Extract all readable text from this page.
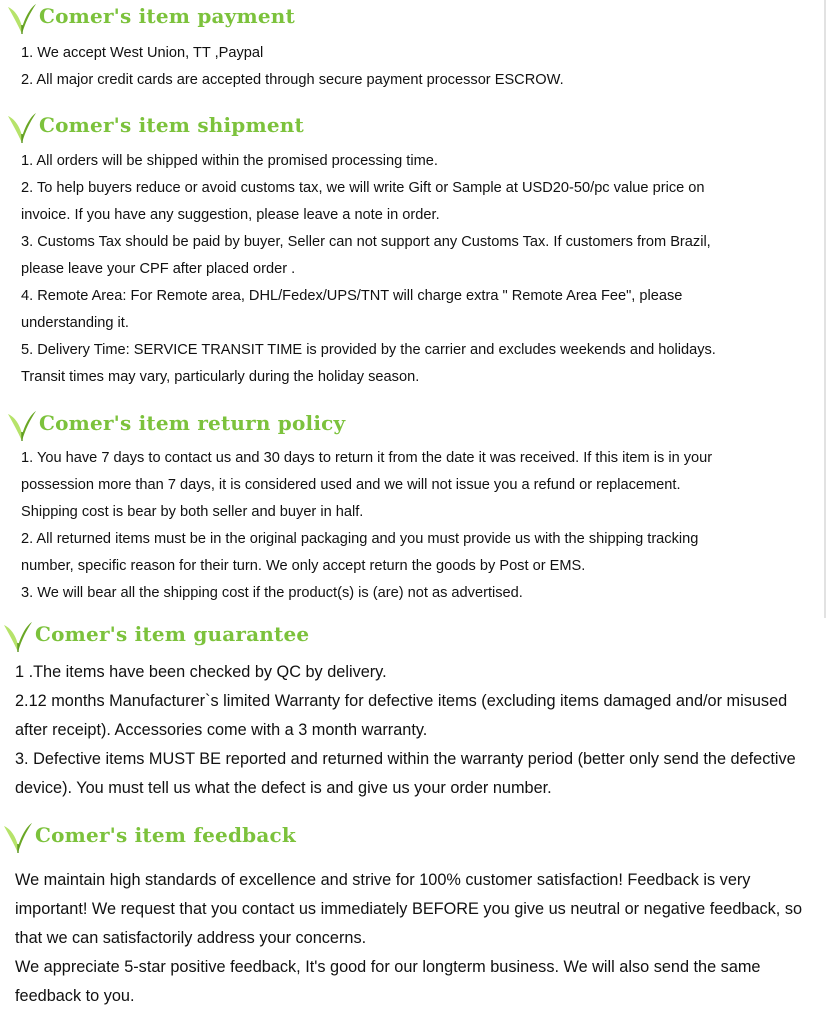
Comer's item payment
1. We accept West Union, TT ,Paypal
2. All major credit cards are accepted through secure payment processor ESCROW.
Comer's item shipment
1. All orders will be shipped within the promised processing time.
2. To help buyers reduce or avoid customs tax, we will write Gift or Sample at USD20-50/pc value price on
invoice. If you have any suggestion, please leave a note in order.
3. Customs Tax should be paid by buyer, Seller can not support any Customs Tax. If customers from Brazil,
please leave your CPF after placed order .
4. Remote Area: For Remote area, DHL/Fedex/UPS/TNT will charge extra " Remote Area Fee", please
understanding it.
5. Delivery Time: SERVICE TRANSIT TIME is provided by the carrier and excludes weekends and holidays.
Transit times may vary, particularly during the holiday season.
Comer's item return policy
1. You have 7 days to contact us and 30 days to return it from the date it was received. If this item is in your
possession more than 7 days, it is considered used and we will not issue you a refund or replacement.
Shipping cost is bear by both seller and buyer in half.
2. All returned items must be in the original packaging and you must provide us with the shipping tracking
number, specific reason for their turn. We only accept return the goods by Post or EMS.
3. We will bear all the shipping cost if the product(s) is (are) not as advertised.
Comer's item guarantee
1 .The items have been checked by QC by delivery.
2.12 months Manufacturer`s limited Warranty for defective items (excluding items damaged and/or misused
after receipt). Accessories come with a 3 month warranty.
3. Defective items MUST BE reported and returned within the warranty period (better only send the defective
device). You must tell us what the defect is and give us your order number.
Comer's item feedback
We maintain high standards of excellence and strive for 100% customer satisfaction! Feedback is very
important! We request that you contact us immediately BEFORE you give us neutral or negative feedback, so
that we can satisfactorily address your concerns.
We appreciate 5-star positive feedback, It's good for our longterm business. We will also send the same
feedback to you.
